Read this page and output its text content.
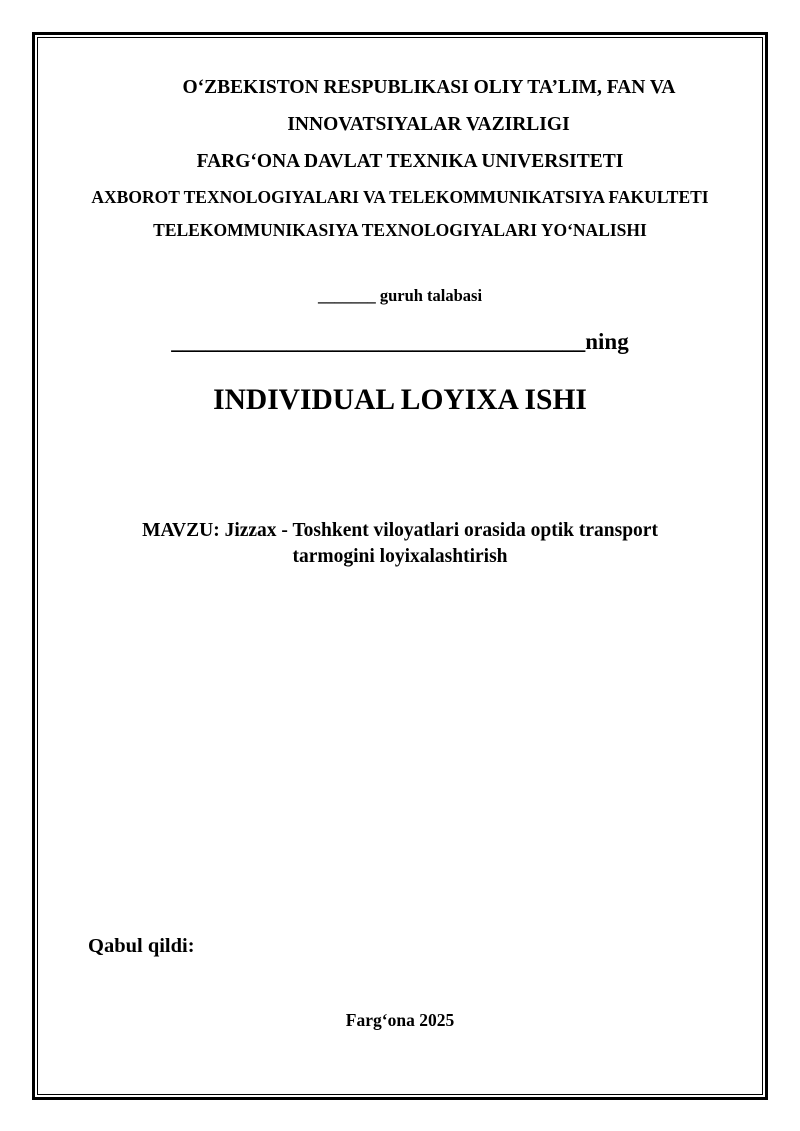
O‘ZBEKISTON RESPUBLIKASI OLIY TA’LIM, FAN VA
INNOVATSIYALAR VAZIRLIGI
FARG‘ONA DAVLAT TEXNIKA UNIVERSITETI
AXBOROT TEXNOLOGIYALARI VA TELEKOMMUNIKATSIYA FAKULTETI
TELEKOMMUNIKASIYA TEXNOLOGIYALARI YO‘NALISHI
_______ guruh talabasi
____________________________________ning
INDIVIDUAL LOYIXA ISHI
MAVZU: Jizzax - Toshkent viloyatlari orasida optik transport
tarmogini loyixalashtirish
Qabul qildi:
Farg‘ona 2025
